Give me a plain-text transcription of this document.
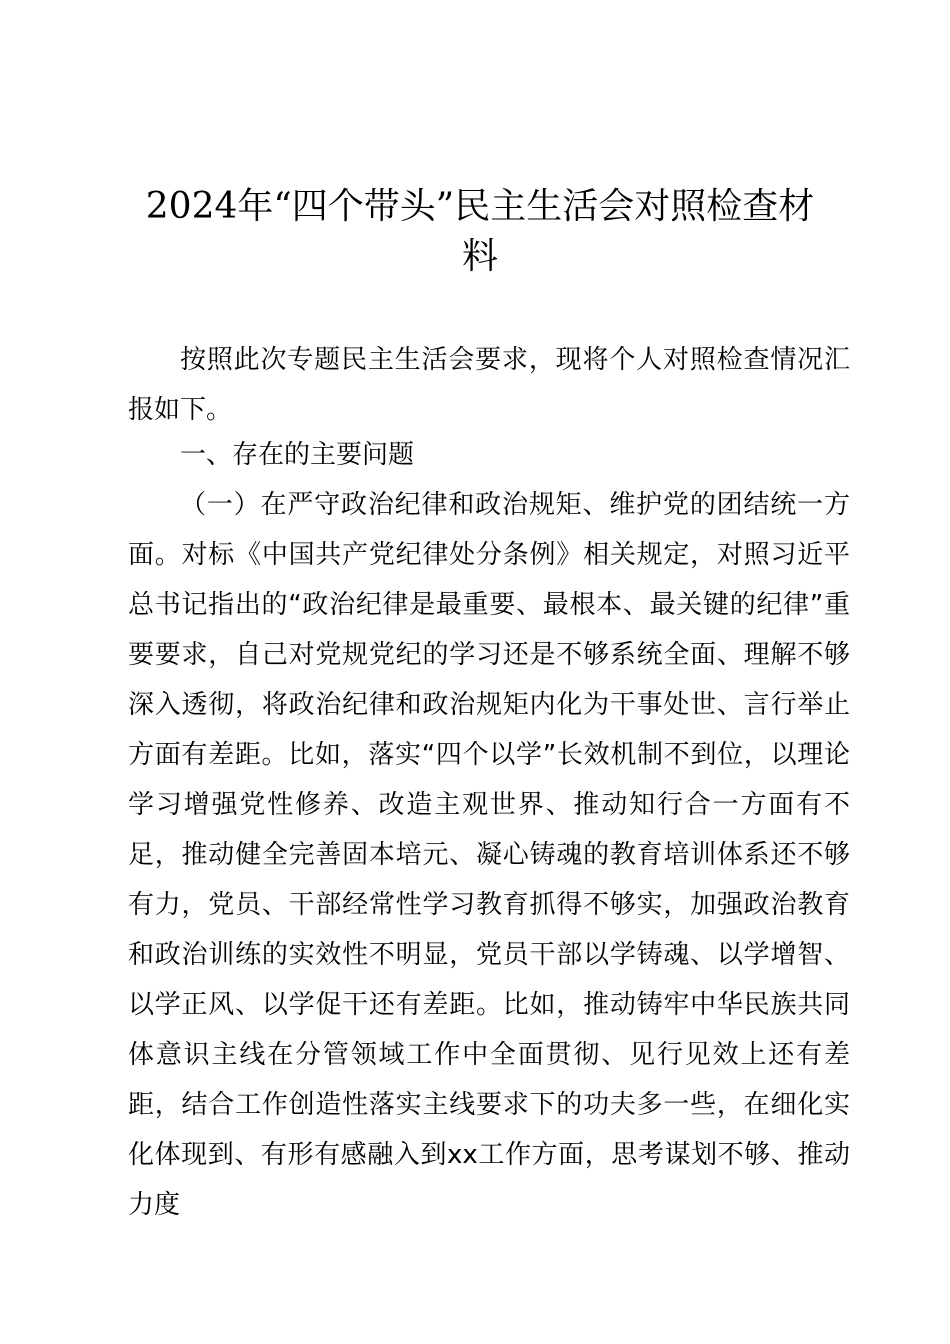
2024年“四个带头”民主生活会对照检查材料
按照此次专题民主生活会要求，现将个人对照检查情况汇报如下。
一、存在的主要问题
（一）在严守政治纪律和政治规矩、维护党的团结统一方面。对标《中国共产党纪律处分条例》相关规定，对照习近平总书记指出的“政治纪律是最重要、最根本、最关键的纪律”重要要求，自己对党规党纪的学习还是不够系统全面、理解不够深入透彻，将政治纪律和政治规矩内化为干事处世、言行举止方面有差距。比如，落实“四个以学”长效机制不到位，以理论学习增强党性修养、改造主观世界、推动知行合一方面有不足，推动健全完善固本培元、凝心铸魂的教育培训体系还不够有力，党员、干部经常性学习教育抓得不够实，加强政治教育和政治训练的实效性不明显，党员干部以学铸魂、以学增智、以学正风、以学促干还有差距。比如，推动铸牢中华民族共同体意识主线在分管领域工作中全面贯彻、见行见效上还有差距，结合工作创造性落实主线要求下的功夫多一些，在细化实化体现到、有形有感融入到xx工作方面，思考谋划不够、推动力度
